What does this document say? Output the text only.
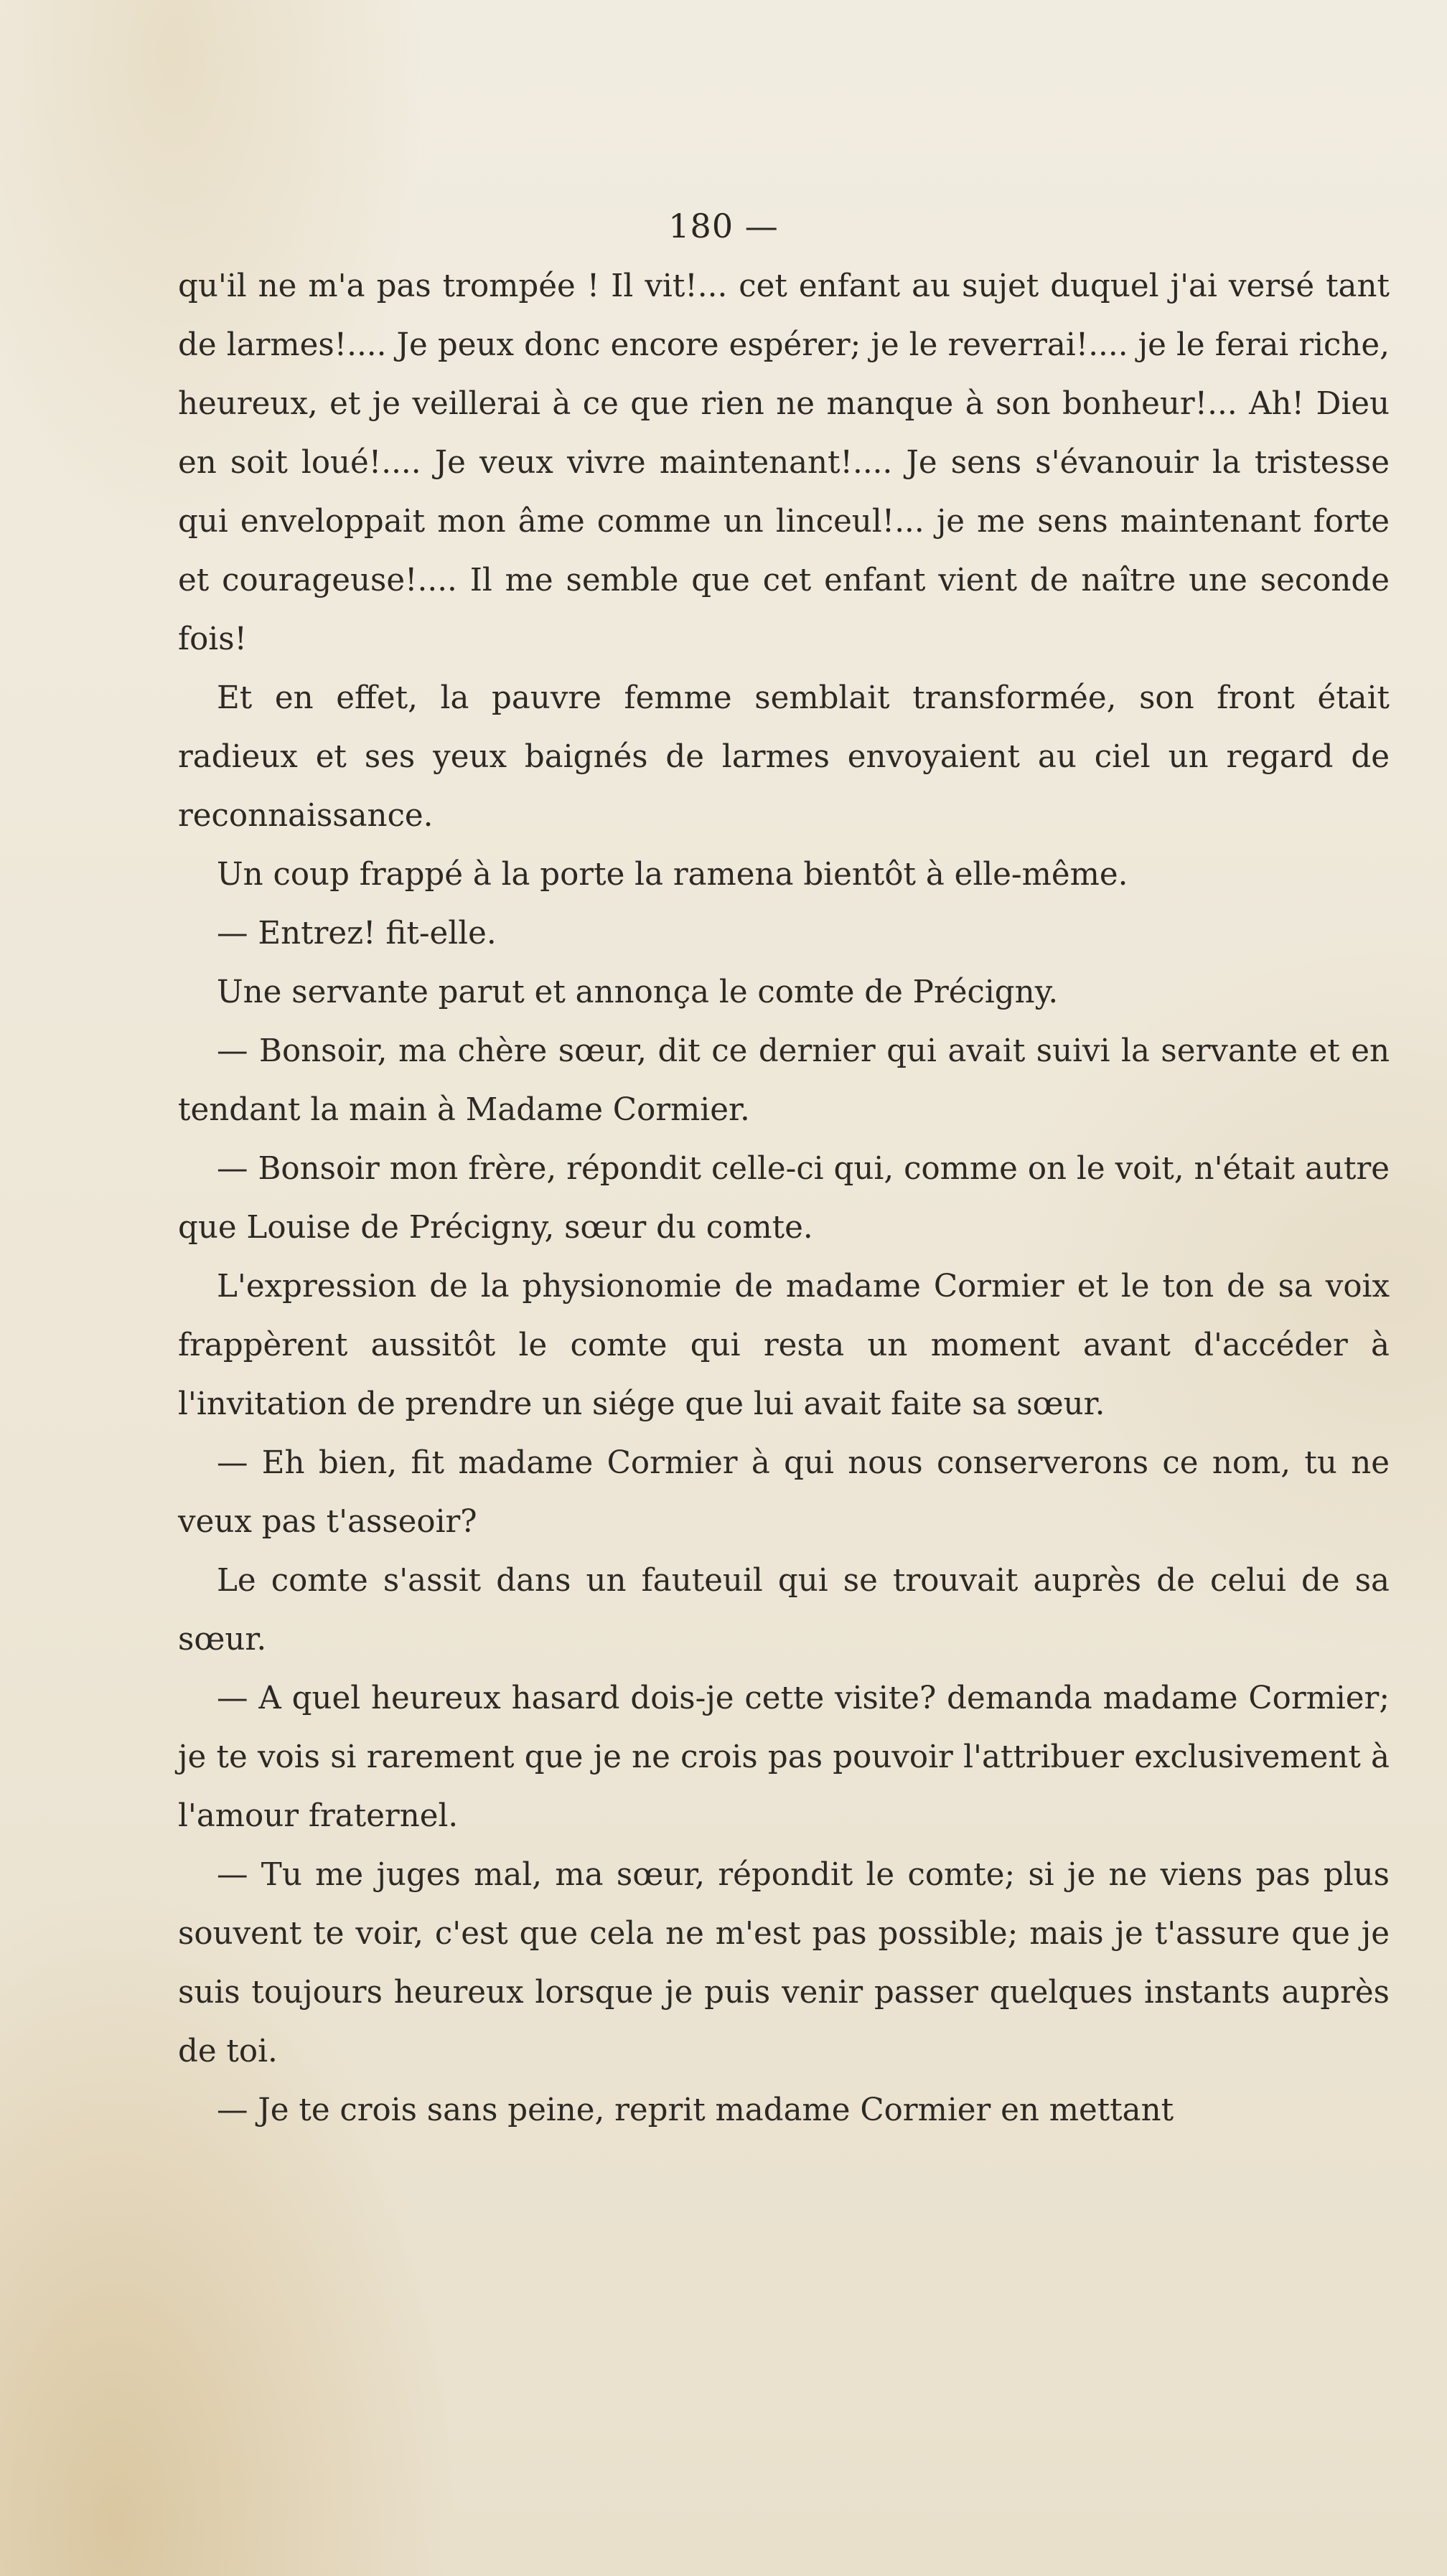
180 —

qu'il ne m'a pas trompée ! Il vit!... cet enfant au sujet duquel j'ai versé tant de larmes!.... Je peux donc encore espérer; je le reverrai!.... je le ferai riche, heureux, et je veillerai à ce que rien ne manque à son bonheur!... Ah! Dieu en soit loué!.... Je veux vivre maintenant!.... Je sens s'évanouir la tristesse qui enveloppait mon âme comme un linceul!... je me sens maintenant forte et courageuse!.... Il me semble que cet enfant vient de naître une seconde fois!

Et en effet, la pauvre femme semblait transformée, son front était radieux et ses yeux baignés de larmes envoyaient au ciel un regard de reconnaissance.

Un coup frappé à la porte la ramena bientôt à elle-même.

— Entrez! fit-elle.

Une servante parut et annonça le comte de Précigny.

— Bonsoir, ma chère sœur, dit ce dernier qui avait suivi la servante et en tendant la main à Madame Cormier.

— Bonsoir mon frère, répondit celle-ci qui, comme on le voit, n'était autre que Louise de Précigny, sœur du comte.

L'expression de la physionomie de madame Cormier et le ton de sa voix frappèrent aussitôt le comte qui resta un moment avant d'accéder à l'invitation de prendre un siége que lui avait faite sa sœur.

— Eh bien, fit madame Cormier à qui nous conserverons ce nom, tu ne veux pas t'asseoir?

Le comte s'assit dans un fauteuil qui se trouvait auprès de celui de sa sœur.

— A quel heureux hasard dois-je cette visite? demanda madame Cormier; je te vois si rarement que je ne crois pas pouvoir l'attribuer exclusivement à l'amour fraternel.

— Tu me juges mal, ma sœur, répondit le comte; si je ne viens pas plus souvent te voir, c'est que cela ne m'est pas possible; mais je t'assure que je suis toujours heureux lorsque je puis venir passer quelques instants auprès de toi.

— Je te crois sans peine, reprit madame Cormier en mettant
